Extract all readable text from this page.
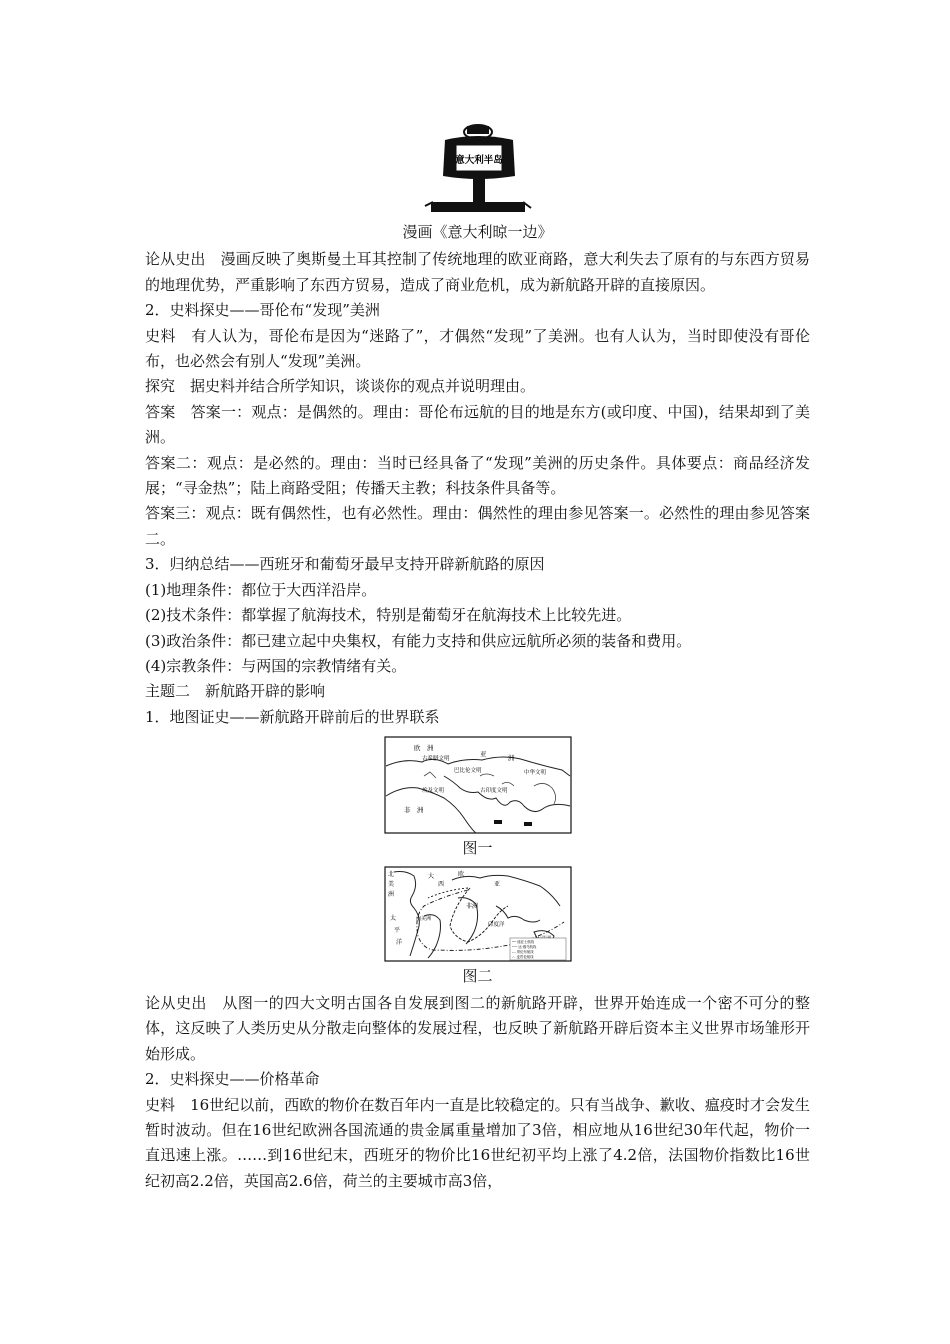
意大利半岛
漫画《意大利晾一边》

论从史出　漫画反映了奥斯曼土耳其控制了传统地理的欧亚商路，意大利失去了原有的与东西方贸易的地理优势，严重影响了东西方贸易，造成了商业危机，成为新航路开辟的直接原因。

2．史料探史——哥伦布“发现”美洲

史料　有人认为，哥伦布是因为“迷路了”，才偶然“发现”了美洲。也有人认为，当时即使没有哥伦布，也必然会有别人“发现”美洲。

探究　据史料并结合所学知识，谈谈你的观点并说明理由。

答案　答案一：观点：是偶然的。理由：哥伦布远航的目的地是东方(或印度、中国)，结果却到了美洲。

答案二：观点：是必然的。理由：当时已经具备了“发现”美洲的历史条件。具体要点：商品经济发展；“寻金热”；陆上商路受阻；传播天主教；科技条件具备等。

答案三：观点：既有偶然性，也有必然性。理由：偶然性的理由参见答案一。必然性的理由参见答案二。

3．归纳总结——西班牙和葡萄牙最早支持开辟新航路的原因

(1)地理条件：都位于大西洋沿岸。

(2)技术条件：都掌握了航海技术，特别是葡萄牙在航海技术上比较先进。

(3)政治条件：都已建立起中央集权，有能力支持和供应远航所必须的装备和费用。

(4)宗教条件：与两国的宗教情绪有关。

主题二　新航路开辟的影响

1．地图证史——新航路开辟前后的世界联系

欧　洲
古希腊文明
亚	洲
巴比伦文明	中华文明
古印度文明
埃及文明
非　洲
图一
北
美
洲
大
西
欧
亚
非洲
南美洲
印度洋
太
平
洋	── 迪亚士航线
─·─ 达·伽马航线
--- 哥伦布航线
-·- 麦哲伦航线
图二

论从史出　从图一的四大文明古国各自发展到图二的新航路开辟，世界开始连成一个密不可分的整体，这反映了人类历史从分散走向整体的发展过程，也反映了新航路开辟后资本主义世界市场雏形开始形成。

2．史料探史——价格革命

史料　16世纪以前，西欧的物价在数百年内一直是比较稳定的。只有当战争、歉收、瘟疫时才会发生暂时波动。但在16世纪欧洲各国流通的贵金属重量增加了3倍，相应地从16世纪30年代起，物价一直迅速上涨。……到16世纪末，西班牙的物价比16世纪初平均上涨了4.2倍，法国物价指数比16世纪初高2.2倍，英国高2.6倍，荷兰的主要城市高3倍，
